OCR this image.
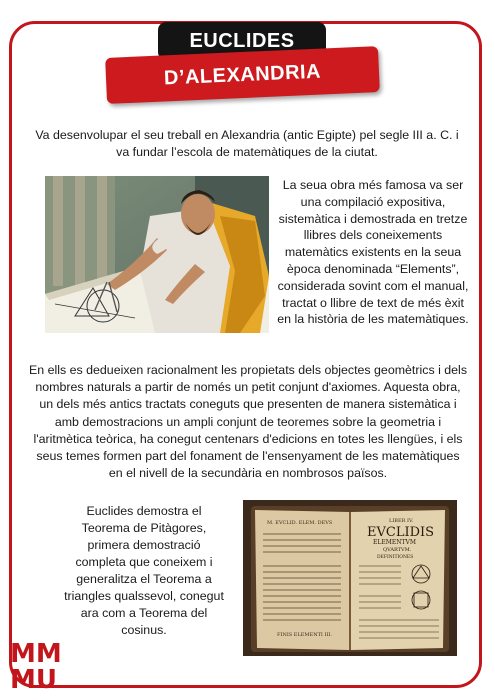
EUCLIDES
D’ALEXANDRIA

Va desenvolupar el seu treball en Alexandria (antic Egipte) pel segle III a. C. i va fundar l’escola de matemàtiques de la ciutat.

La seua obra més famosa va ser una compilació expositiva, sistemàtica i demostrada en tretze llibres dels coneixements matemàtics existents en la seua època denominada “Elements”, considerada sovint com el manual, tractat o llibre de text de més èxit en la història de les matemàtiques.

En ells es dedueixen racionalment les propietats dels objectes geomètrics i dels nombres naturals a partir de només un petit conjunt d'axiomes. Aquesta obra, un dels més antics tractats coneguts que presenten de manera sistemàtica i amb demostracions un ampli conjunt de teoremes sobre la geometria i l'aritmètica teòrica, ha conegut centenars d'edicions en totes les llengües, i els seus temes formen part del fonament de l'ensenyament de les matemàtiques en el nivell de la secundària en nombrosos països.

Euclides demostra el Teorema de Pitàgores, primera demostració completa que coneixem i generalitza el Teorema a triangles qualssevol, conegut ara com a Teorema del cosinus.

M. EVCLID. ELEM. DEVS
FINIS ELEMENTI III.
LIBER IV.
EVCLIDIS
ELEMENTVM
QVARTVM.
DEFINITIONES
MM
MU
